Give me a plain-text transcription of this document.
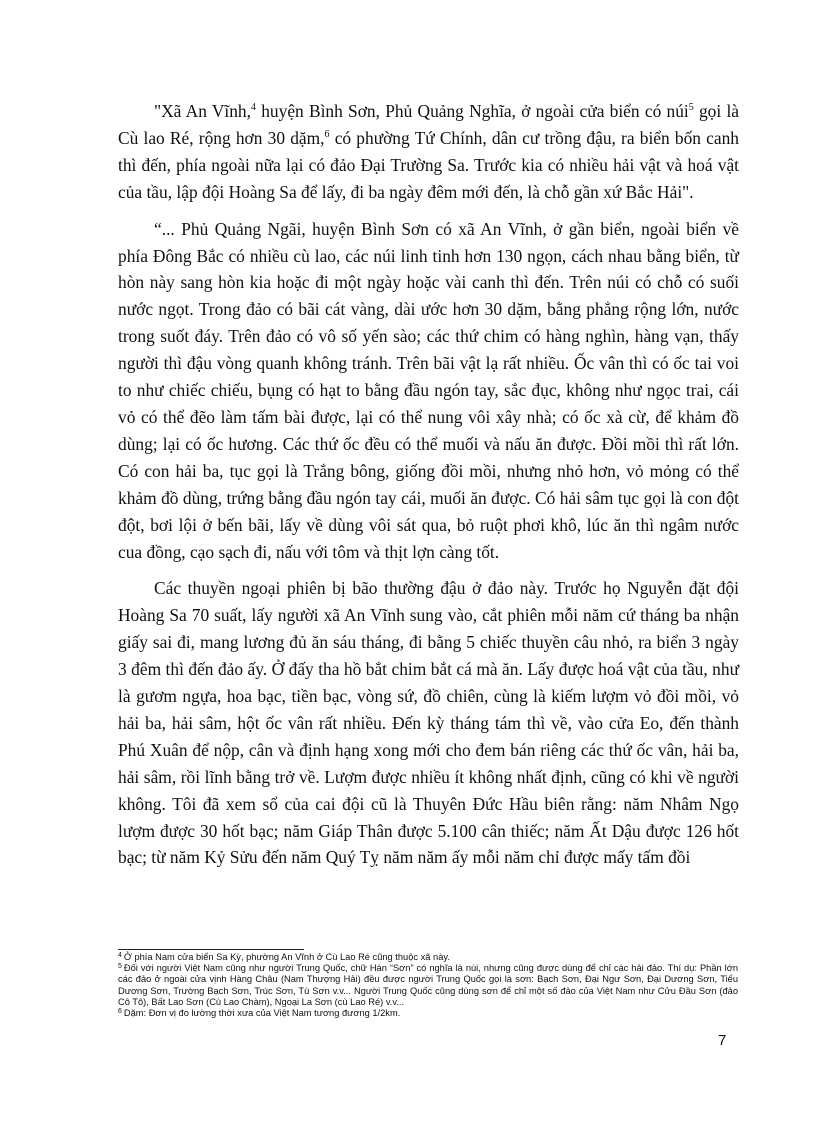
"Xã An Vĩnh,$^4$ huyện Bình Sơn, Phủ Quảng Nghĩa, ở ngoài cửa biển có núi$^5$ gọi là Cù lao Ré, rộng hơn 30 dặm,$^6$ có phường Tứ Chính, dân cư trồng đậu, ra biển bốn canh thì đến, phía ngoài nữa lại có đảo Đại Trường Sa. Trước kia có nhiều hải vật và hoá vật của tầu, lập đội Hoàng Sa để lấy, đi ba ngày đêm mới đến, là chỗ gần xứ Bắc Hải".

“... Phủ Quảng Ngãi, huyện Bình Sơn có xã An Vĩnh, ở gần biển, ngoài biển về phía Đông Bắc có nhiều cù lao, các núi linh tinh hơn 130 ngọn, cách nhau bằng biển, từ hòn này sang hòn kia hoặc đi một ngày hoặc vài canh thì đến. Trên núi có chỗ có suối nước ngọt. Trong đảo có bãi cát vàng, dài ước hơn 30 dặm, bằng phẳng rộng lớn, nước trong suốt đáy. Trên đảo có vô số yến sào; các thứ chim có hàng nghìn, hàng vạn, thấy người thì đậu vòng quanh không tránh. Trên bãi vật lạ rất nhiều. Ốc vân thì có ốc tai voi to như chiếc chiếu, bụng có hạt to bằng đầu ngón tay, sắc đục, không như ngọc trai, cái vỏ có thể đẽo làm tấm bài được, lại có thể nung vôi xây nhà; có ốc xà cừ, để khảm đồ dùng; lại có ốc hương. Các thứ ốc đều có thể muối và nấu ăn được. Đồi mồi thì rất lớn. Có con hải ba, tục gọi là Trắng bông, giống đồi mồi, nhưng nhỏ hơn, vỏ mỏng có thể khảm đồ dùng, trứng bằng đầu ngón tay cái, muối ăn được. Có hải sâm tục gọi là con đột đột, bơi lội ở bến bãi, lấy về dùng vôi sát qua, bỏ ruột phơi khô, lúc ăn thì ngâm nước cua đồng, cạo sạch đi, nấu với tôm và thịt lợn càng tốt.

Các thuyền ngoại phiên bị bão thường đậu ở đảo này. Trước họ Nguyễn đặt đội Hoàng Sa 70 suất, lấy người xã An Vĩnh sung vào, cắt phiên mỗi năm cứ tháng ba nhận giấy sai đi, mang lương đủ ăn sáu tháng, đi bằng 5 chiếc thuyền câu nhỏ, ra biển 3 ngày 3 đêm thì đến đảo ấy. Ở đấy tha hồ bắt chim bắt cá mà ăn. Lấy được hoá vật của tầu, như là gươm ngựa, hoa bạc, tiền bạc, vòng sứ, đồ chiên, cùng là kiếm lượm vỏ đồi mồi, vỏ hải ba, hải sâm, hột ốc vân rất nhiều. Đến kỳ tháng tám thì về, vào cửa Eo, đến thành Phú Xuân để nộp, cân và định hạng xong mới cho đem bán riêng các thứ ốc vân, hải ba, hải sâm, rồi lĩnh bằng trở về. Lượm được nhiều ít không nhất định, cũng có khi về người không. Tôi đã xem sổ của cai đội cũ là Thuyên Đức Hầu biên rằng: năm Nhâm Ngọ lượm được 30 hốt bạc; năm Giáp Thân được 5.100 cân thiếc; năm Ất Dậu được 126 hốt bạc; từ năm Kỷ Sửu đến năm Quý Tỵ năm năm ấy mỗi năm chỉ được mấy tấm đồi

$^4$ Ở phía Nam cửa biển Sa Kỳ, phường An Vĩnh ở Cù Lao Ré cũng thuộc xã này.

$^5$ Đối với người Việt Nam cũng như người Trung Quốc, chữ Hán “Sơn” có nghĩa là núi, nhưng cũng được dùng để chỉ các hải đảo. Thí dụ: Phần lớn các đảo ở ngoài cửa vịnh Hàng Châu (Nam Thượng Hải) đều được người Trung Quốc gọi là sơn: Bạch Sơn, Đại Ngư Sơn, Đại Dương Sơn, Tiểu Dương Sơn, Trường Bạch Sơn, Trúc Sơn, Tù Sơn v.v... Người Trung Quốc cũng dùng sơn để chỉ một số đảo của Việt Nam như Cửu Đầu Sơn (đảo Cô Tô), Bất Lao Sơn (Cù Lao Chàm), Ngoại La Sơn (cù Lao Ré) v.v...

$^6$ Dặm: Đơn vị đo lường thời xưa của Việt Nam tương đương 1/2km.

7
